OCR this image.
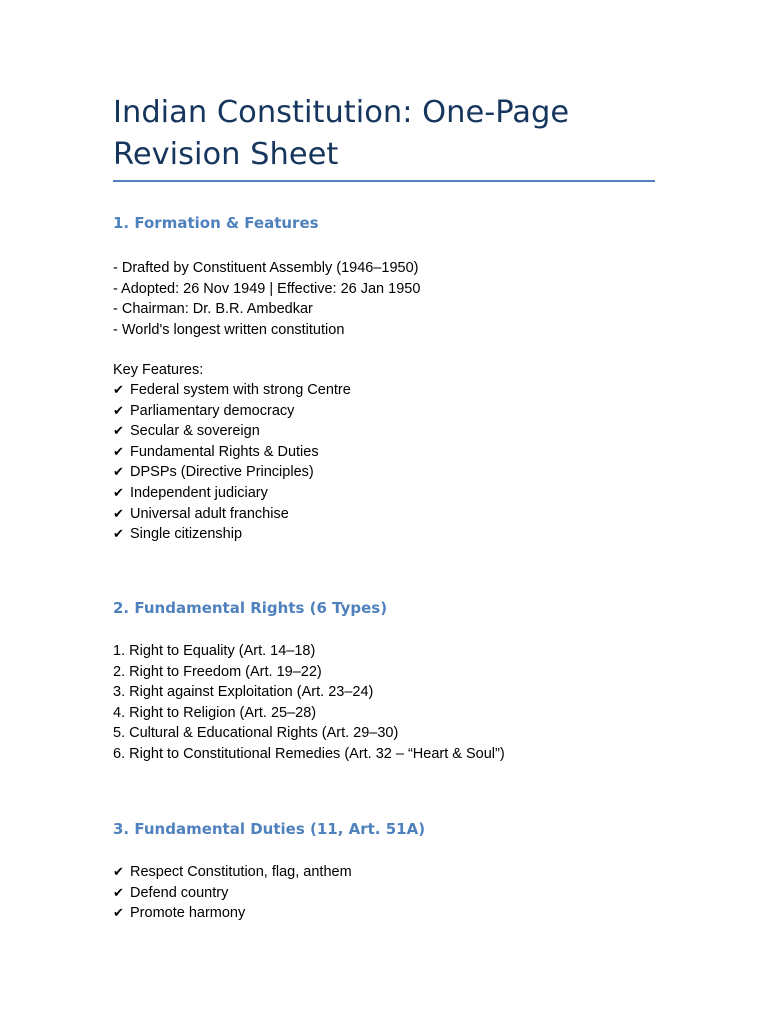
Indian Constitution: One-Page Revision Sheet
1. Formation & Features
- Drafted by Constituent Assembly (1946–1950)
- Adopted: 26 Nov 1949 | Effective: 26 Jan 1950
- Chairman: Dr. B.R. Ambedkar
- World's longest written constitution
Key Features:
✔ Federal system with strong Centre
✔ Parliamentary democracy
✔ Secular & sovereign
✔ Fundamental Rights & Duties
✔ DPSPs (Directive Principles)
✔ Independent judiciary
✔ Universal adult franchise
✔ Single citizenship
2. Fundamental Rights (6 Types)
1. Right to Equality (Art. 14–18)
2. Right to Freedom (Art. 19–22)
3. Right against Exploitation (Art. 23–24)
4. Right to Religion (Art. 25–28)
5. Cultural & Educational Rights (Art. 29–30)
6. Right to Constitutional Remedies (Art. 32 – “Heart & Soul”)
3. Fundamental Duties (11, Art. 51A)
✔ Respect Constitution, flag, anthem
✔ Defend country
✔ Promote harmony
